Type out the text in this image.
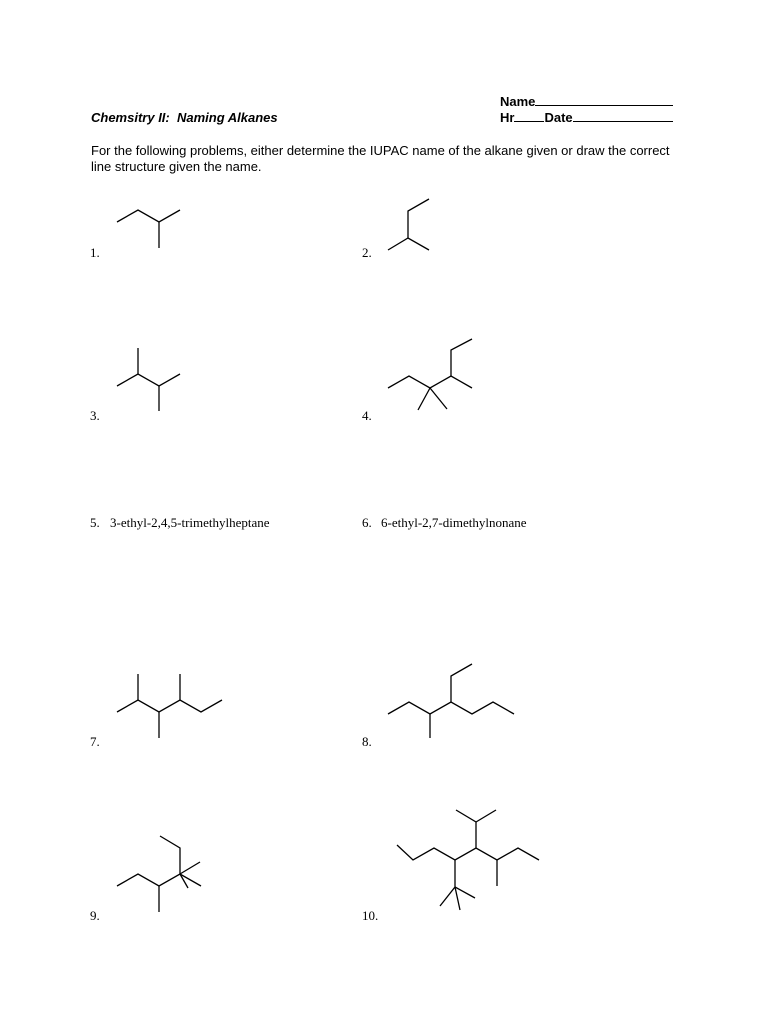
Name
Hr Date
Chemsitry II:  Naming Alkanes
For the following problems, either determine the IUPAC name of the alkane given or draw the correct line structure given the name.
1.	2.
3.	4.
5. 3-ethyl-2,4,5-trimethylheptane	6. 6-ethyl-2,7-dimethylnonane
7.	8.
9.	10.
